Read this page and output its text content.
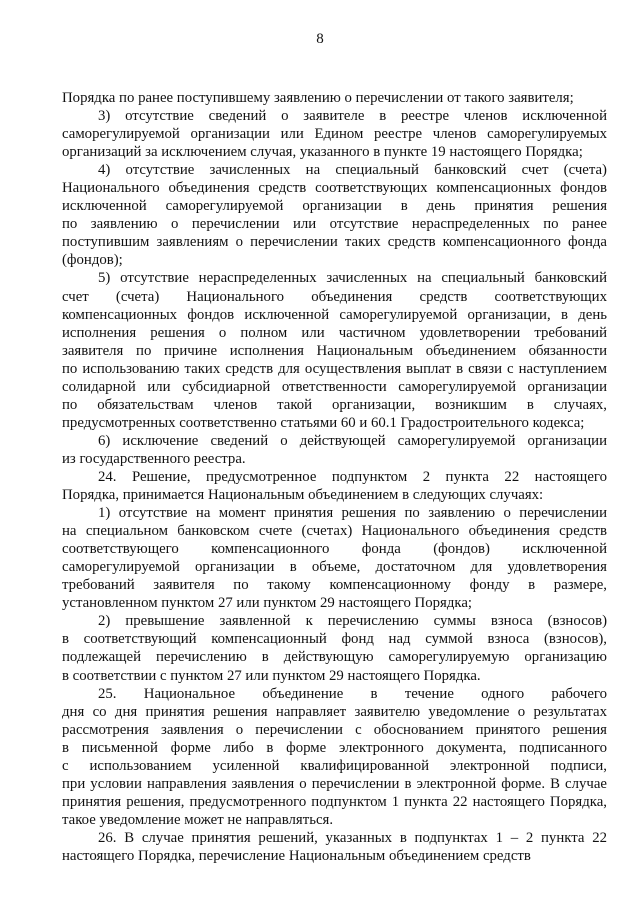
8
Порядка по ранее поступившему заявлению о перечислении от такого заявителя;
3) отсутствие сведений о заявителе в реестре членов исключенной
саморегулируемой организации или Едином реестре членов саморегулируемых
организаций за исключением случая, указанного в пункте 19 настоящего Порядка;
4) отсутствие зачисленных на специальный банковский счет (счета)
Национального объединения средств соответствующих компенсационных фондов
исключенной саморегулируемой организации в день принятия решения
по заявлению о перечислении или отсутствие нераспределенных по ранее
поступившим заявлениям о перечислении таких средств компенсационного фонда
(фондов);
5) отсутствие нераспределенных зачисленных на специальный банковский
счет (счета) Национального объединения средств соответствующих
компенсационных фондов исключенной саморегулируемой организации, в день
исполнения решения о полном или частичном удовлетворении требований
заявителя по причине исполнения Национальным объединением обязанности
по использованию таких средств для осуществления выплат в связи с наступлением
солидарной или субсидиарной ответственности саморегулируемой организации
по обязательствам членов такой организации, возникшим в случаях,
предусмотренных соответственно статьями 60 и 60.1 Градостроительного кодекса;
6) исключение сведений о действующей саморегулируемой организации
из государственного реестра.
24. Решение, предусмотренное подпунктом 2 пункта 22 настоящего
Порядка, принимается Национальным объединением в следующих случаях:
1) отсутствие на момент принятия решения по заявлению о перечислении
на специальном банковском счете (счетах) Национального объединения средств
соответствующего компенсационного фонда (фондов) исключенной
саморегулируемой организации в объеме, достаточном для удовлетворения
требований заявителя по такому компенсационному фонду в размере,
установленном пунктом 27 или пунктом 29 настоящего Порядка;
2) превышение заявленной к перечислению суммы взноса (взносов)
в соответствующий компенсационный фонд над суммой взноса (взносов),
подлежащей перечислению в действующую саморегулируемую организацию
в соответствии с пунктом 27 или пунктом 29 настоящего Порядка.
25. Национальное объединение в течение одного рабочего
дня со дня принятия решения направляет заявителю уведомление о результатах
рассмотрения заявления о перечислении с обоснованием принятого решения
в письменной форме либо в форме электронного документа, подписанного
с использованием усиленной квалифицированной электронной подписи,
при условии направления заявления о перечислении в электронной форме. В случае
принятия решения, предусмотренного подпунктом 1 пункта 22 настоящего Порядка,
такое уведомление может не направляться.
26. В случае принятия решений, указанных в подпунктах 1 – 2 пункта 22
настоящего Порядка, перечисление Национальным объединением средств
